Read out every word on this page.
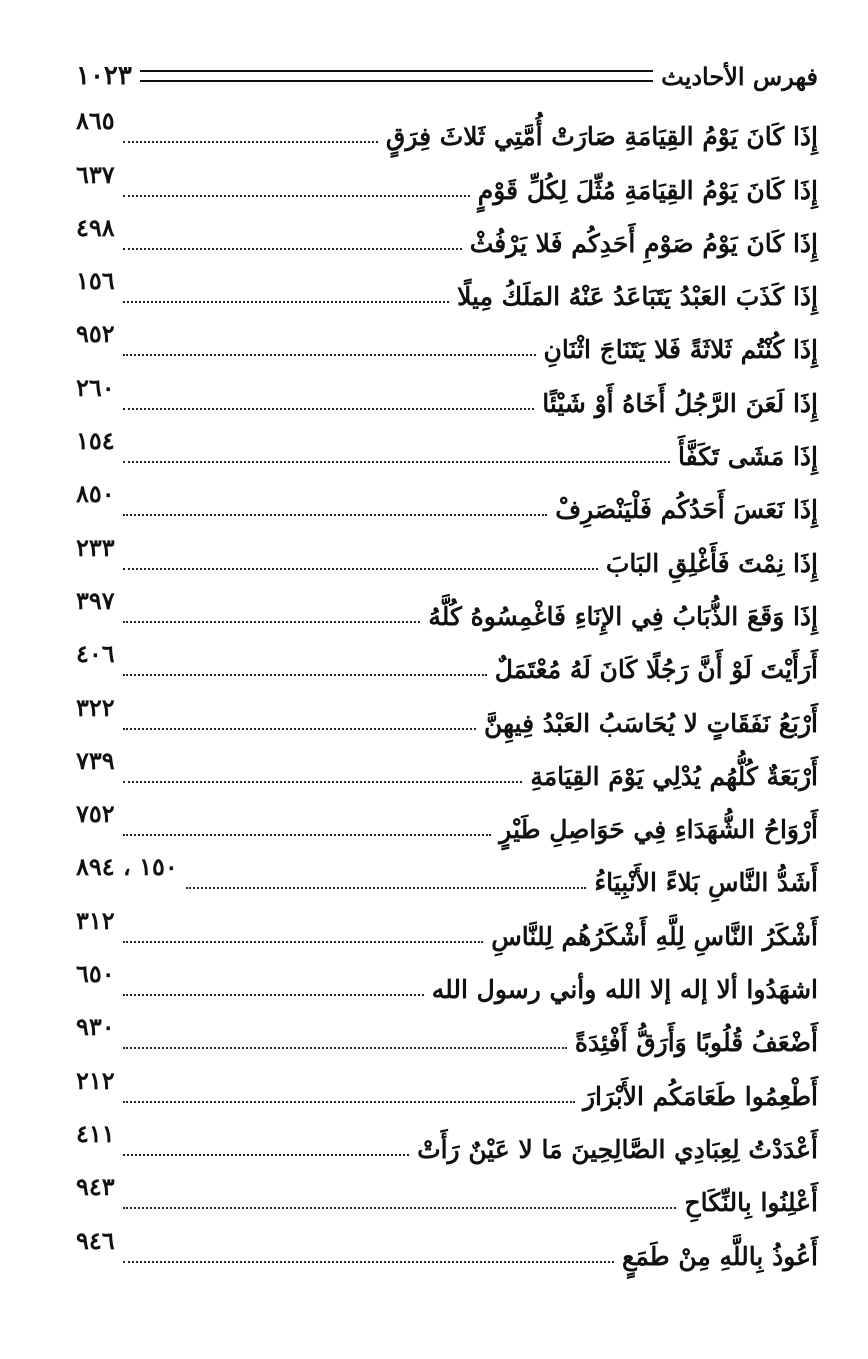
فهرس الأحاديث
١٠٢٣
إِذَا كَانَ يَوْمُ القِيَامَةِ صَارَتْ أُمَّتِي ثَلاثَ فِرَقٍ
٨٦٥
إِذَا كَانَ يَوْمُ القِيَامَةِ مُثِّلَ لِكُلِّ قَوْمٍ
٦٣٧
إِذَا كَانَ يَوْمُ صَوْمِ أَحَدِكُم فَلا يَرْفُثْ
٤٩٨
إِذَا كَذَبَ العَبْدُ يَتَبَاعَدُ عَنْهُ المَلَكُ مِيلًا
١٥٦
إِذَا كُنْتُم ثَلاثَةً فَلا يَتَنَاجَ اثْنَانِ
٩٥٢
إِذَا لَعَنَ الرَّجُلُ أَخَاهُ أَوْ شَيْئًا
٢٦٠
إِذَا مَشَى تَكَفَّأَ
١٥٤
إِذَا نَعَسَ أَحَدُكُم فَلْيَنْصَرِفْ
٨٥٠
إِذَا نِمْتَ فَأَغْلِقِ البَابَ
٢٣٣
إِذَا وَقَعَ الذُّبَابُ فِي الإِنَاءِ فَاغْمِسُوهُ كُلَّهُ
٣٩٧
أَرَأَيْتَ لَوْ أَنَّ رَجُلًا كَانَ لَهُ مُعْتَمَلٌ
٤٠٦
أَرْبَعُ نَفَقَاتٍ لا يُحَاسَبُ العَبْدُ فِيهِنَّ
٣٢٢
أَرْبَعَةٌ كُلُّهُم يُدْلِي يَوْمَ القِيَامَةِ
٧٣٩
أَرْوَاحُ الشُّهَدَاءِ فِي حَوَاصِلِ طَيْرٍ
٧٥٢
أَشَدُّ النَّاسِ بَلاءً الأَنْبِيَاءُ
١٥٠ ، ٨٩٤
أَشْكَرُ النَّاسِ لِلَّهِ أَشْكَرُهُم لِلنَّاسِ
٣١٢
اشهَدُوا ألا إله إلا الله وأني رسول الله
٦٥٠
أَضْعَفُ قُلُوبًا وَأَرَقُّ أَفْئِدَةً
٩٣٠
أَطْعِمُوا طَعَامَكُم الأَبْرَارَ
٢١٢
أَعْدَدْتُ لِعِبَادِي الصَّالِحِينَ مَا لا عَيْنٌ رَأَتْ
٤١١
أَعْلِنُوا بِالنِّكَاحِ
٩٤٣
أَعُوذُ بِاللَّهِ مِنْ طَمَعٍ
٩٤٦
